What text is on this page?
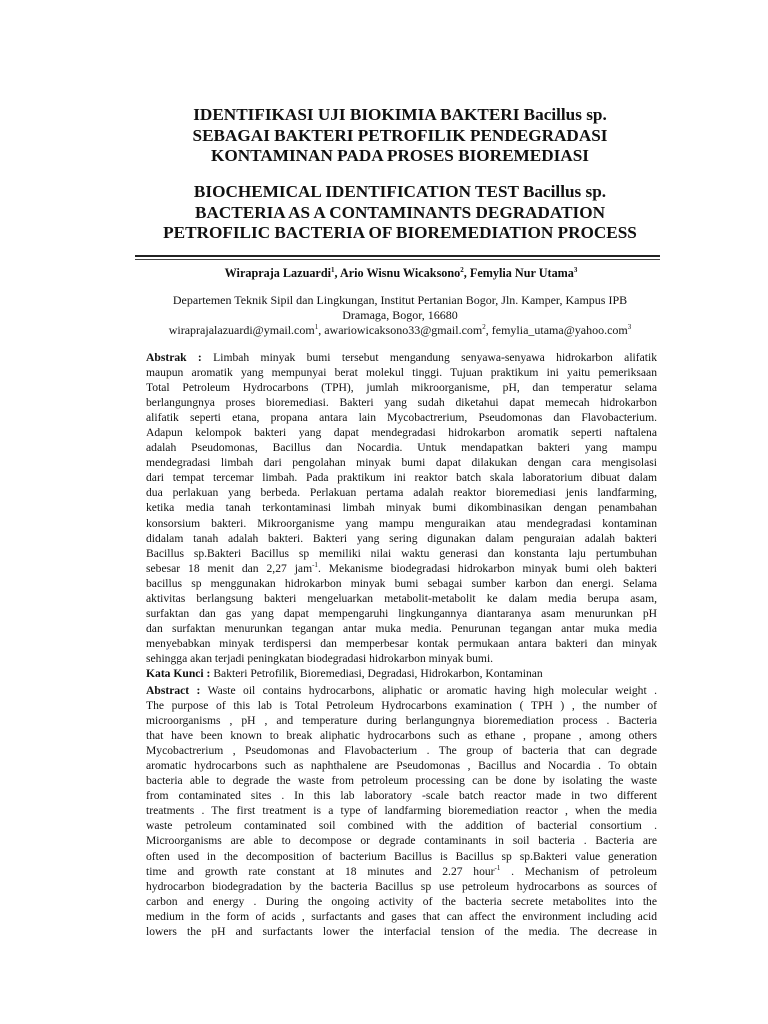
IDENTIFIKASI UJI BIOKIMIA BAKTERI Bacillus sp.
SEBAGAI BAKTERI PETROFILIK PENDEGRADASI
KONTAMINAN PADA PROSES BIOREMEDIASI
BIOCHEMICAL IDENTIFICATION TEST Bacillus sp.
BACTERIA AS A CONTAMINANTS DEGRADATION
PETROFILIC BACTERIA OF BIOREMEDIATION PROCESS
Wirapraja Lazuardi$^1$, Ario Wisnu Wicaksono$^2$, Femylia Nur Utama$^3$
Departemen Teknik Sipil dan Lingkungan, Institut Pertanian Bogor, Jln. Kamper, Kampus IPB
Dramaga, Bogor, 16680
wiraprajalazuardi@ymail.com$^1$, awariowicaksono33@gmail.com$^2$, femylia_utama@yahoo.com$^3$
Abstrak : Limbah minyak bumi tersebut mengandung senyawa-senyawa hidrokarbon alifatik
maupun aromatik yang mempunyai berat molekul tinggi. Tujuan praktikum ini yaitu pemeriksaan
Total Petroleum Hydrocarbons (TPH), jumlah mikroorganisme, pH, dan temperatur selama
berlangungnya proses bioremediasi. Bakteri yang sudah diketahui dapat memecah hidrokarbon
alifatik seperti etana, propana antara lain Mycobactrerium, Pseudomonas dan Flavobacterium.
Adapun kelompok bakteri yang dapat mendegradasi hidrokarbon aromatik seperti naftalena
adalah Pseudomonas, Bacillus dan Nocardia. Untuk mendapatkan bakteri yang mampu
mendegradasi limbah dari pengolahan minyak bumi dapat dilakukan dengan cara mengisolasi
dari tempat tercemar limbah. Pada praktikum ini reaktor batch skala laboratorium dibuat dalam
dua perlakuan yang berbeda. Perlakuan pertama adalah reaktor bioremediasi jenis landfarming,
ketika media tanah terkontaminasi limbah minyak bumi dikombinasikan dengan penambahan
konsorsium bakteri. Mikroorganisme yang mampu menguraikan atau mendegradasi kontaminan
didalam tanah adalah bakteri. Bakteri yang sering digunakan dalam penguraian adalah bakteri
Bacillus sp.Bakteri Bacillus sp memiliki nilai waktu generasi dan konstanta laju pertumbuhan
sebesar 18 menit dan 2,27 jam$^{-1}$. Mekanisme biodegradasi hidrokarbon minyak bumi oleh bakteri
bacillus sp menggunakan hidrokarbon minyak bumi sebagai sumber karbon dan energi. Selama
aktivitas berlangsung bakteri mengeluarkan metabolit-metabolit ke dalam media berupa asam,
surfaktan dan gas yang dapat mempengaruhi lingkungannya diantaranya asam menurunkan pH
dan surfaktan menurunkan tegangan antar muka media. Penurunan tegangan antar muka media
menyebabkan minyak terdispersi dan memperbesar kontak permukaan antara bakteri dan minyak
sehingga akan terjadi peningkatan biodegradasi hidrokarbon minyak bumi.
Kata Kunci : Bakteri Petrofilik, Bioremediasi, Degradasi, Hidrokarbon, Kontaminan
Abstract : Waste oil contains hydrocarbons, aliphatic or aromatic having high molecular weight .
The purpose of this lab is Total Petroleum Hydrocarbons examination ( TPH ) , the number of
microorganisms , pH , and temperature during berlangungnya bioremediation process . Bacteria
that have been known to break aliphatic hydrocarbons such as ethane , propane , among others
Mycobactrerium , Pseudomonas and Flavobacterium . The group of bacteria that can degrade
aromatic hydrocarbons such as naphthalene are Pseudomonas , Bacillus and Nocardia . To obtain
bacteria able to degrade the waste from petroleum processing can be done by isolating the waste
from contaminated sites . In this lab laboratory -scale batch reactor made in two different
treatments . The first treatment is a type of landfarming bioremediation reactor , when the media
waste petroleum contaminated soil combined with the addition of bacterial consortium .
Microorganisms are able to decompose or degrade contaminants in soil bacteria . Bacteria are
often used in the decomposition of bacterium Bacillus is Bacillus sp sp.Bakteri value generation
time and growth rate constant at 18 minutes and 2.27 hour$^{-1}$ . Mechanism of petroleum
hydrocarbon biodegradation by the bacteria Bacillus sp use petroleum hydrocarbons as sources of
carbon and energy . During the ongoing activity of the bacteria secrete metabolites into the
medium in the form of acids , surfactants and gases that can affect the environment including acid
lowers the pH and surfactants lower the interfacial tension of the media. The decrease in
